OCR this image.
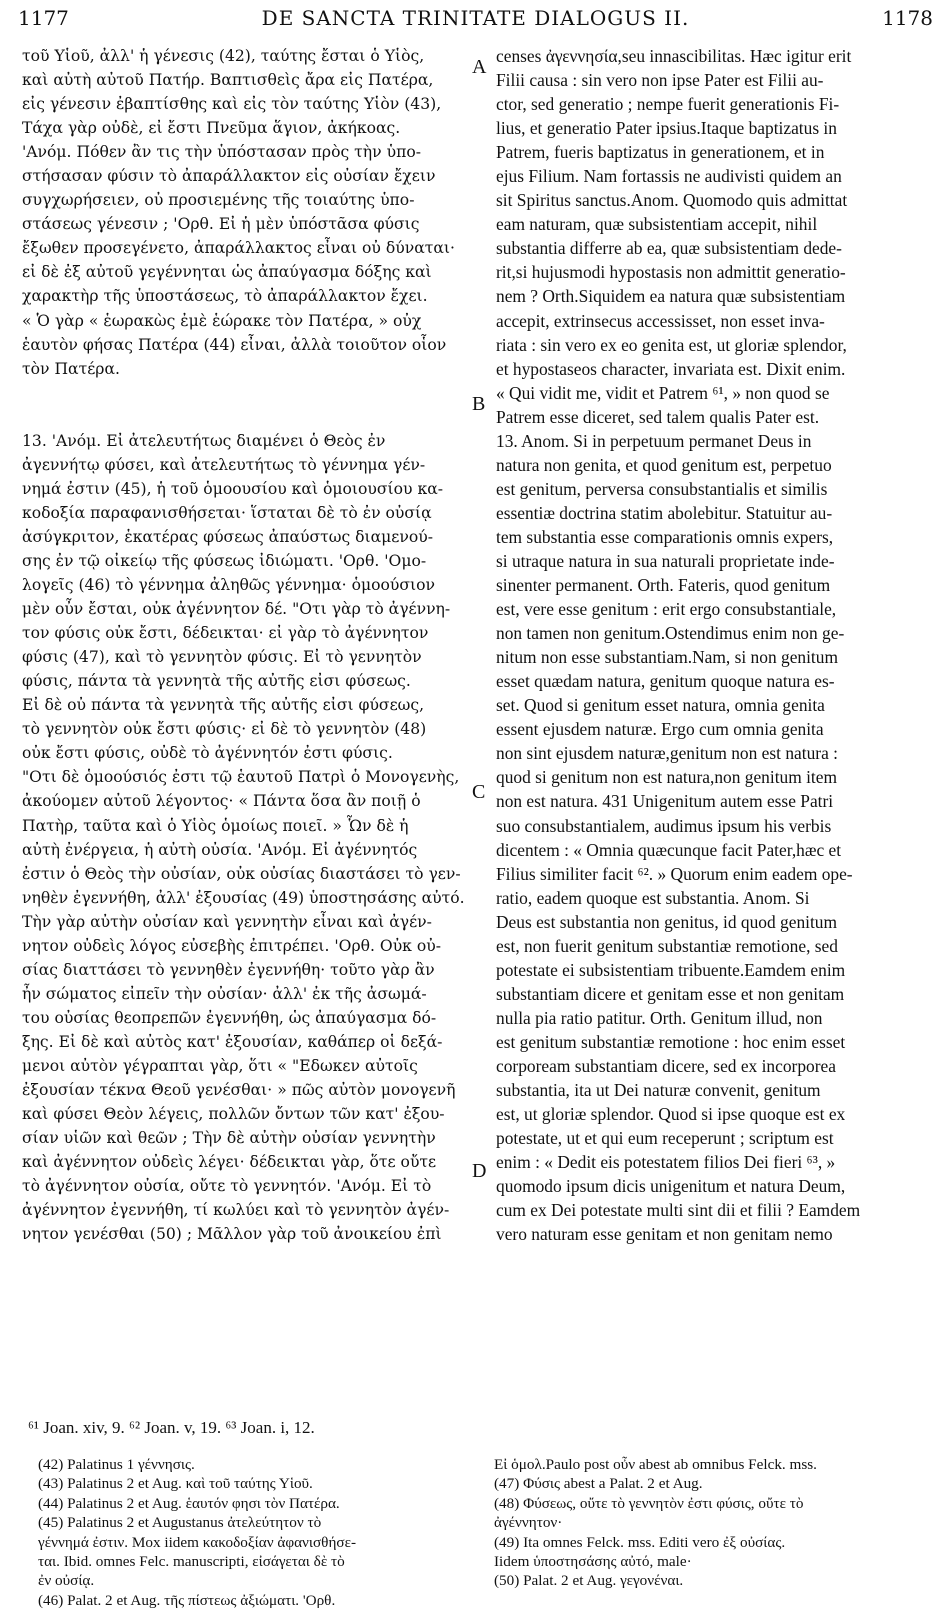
1177	DE SANCTA TRINITATE DIALOGUS II.	1178
τοῦ Υἱοῦ, ἀλλ' ἡ γένεσις (42), ταύτης ἔσται ὁ Υἱὸς,
καὶ αὐτὴ αὐτοῦ Πατήρ. Βαπτισθεὶς ἄρα εἰς Πατέρα,
εἰς γένεσιν ἐβαπτίσθης καὶ εἰς τὸν ταύτης Υἱὸν (43),
Τάχα γὰρ οὐδὲ, εἰ ἔστι Πνεῦμα ἅγιον, ἀκήκοας.
'Ανόμ. Πόθεν ἂν τις τὴν ὑπόστασαν πρὸς τὴν ὑπο-
στήσασαν φύσιν τὸ ἀπαράλλακτον εἰς οὐσίαν ἔχειν
συγχωρήσειεν, οὐ προσιεμένης τῆς τοιαύτης ὑπο-
στάσεως γένεσιν ; 'Ορθ. Εἰ ἡ μὲν ὑπόστᾶσα φύσις
ἔξωθεν προσεγένετο, ἀπαράλλακτος εἶναι οὐ δύναται·
εἰ δὲ ἐξ αὐτοῦ γεγέννηται ὡς ἀπαύγασμα δόξης καὶ
χαρακτὴρ τῆς ὑποστάσεως, τὸ ἀπαράλλακτον ἔχει.
« Ὁ γὰρ « ἑωρακὼς ἐμὲ ἑώρακε τὸν Πατέρα, » οὐχ
ἑαυτὸν φήσας Πατέρα (44) εἶναι, ἀλλὰ τοιοῦτον οἷον
τὸν Πατέρα.

13. 'Ανόμ. Εἰ ἀτελευτήτως διαμένει ὁ Θεὸς ἐν
ἀγεννήτῳ φύσει, καὶ ἀτελευτήτως τὸ γέννημα γέν-
νημά ἐστιν (45), ἡ τοῦ ὁμοουσίου καὶ ὁμοιουσίου κα-
κοδοξία παραφανισθήσεται· ἵσταται δὲ τὸ ἐν οὐσίᾳ
ἀσύγκριτον, ἑκατέρας φύσεως ἀπαύστως διαμενού-
σης ἐν τῷ οἰκείῳ τῆς φύσεως ἰδιώματι. 'Ορθ. 'Ομο-
λογεῖς (46) τὸ γέννημα ἀληθῶς γέννημα· ὁμοούσιον
μὲν οὖν ἔσται, οὐκ ἀγέννητον δέ. "Οτι γὰρ τὸ ἀγέννη-
τον φύσις οὐκ ἔστι, δέδεικται· εἰ γὰρ τὸ ἀγέννητον
φύσις (47), καὶ τὸ γεννητὸν φύσις. Εἰ τὸ γεννητὸν
φύσις, πάντα τὰ γεννητὰ τῆς αὐτῆς εἰσι φύσεως.
Εἰ δὲ οὐ πάντα τὰ γεννητὰ τῆς αὐτῆς εἰσι φύσεως,
τὸ γεννητὸν οὐκ ἔστι φύσις· εἰ δὲ τὸ γεννητὸν (48)
οὐκ ἔστι φύσις, οὐδὲ τὸ ἀγέννητόν ἐστι φύσις.
"Οτι δὲ ὁμοούσιός ἐστι τῷ ἑαυτοῦ Πατρὶ ὁ Μονογενὴς,
ἀκούομεν αὐτοῦ λέγοντος· « Πάντα ὅσα ἂν ποιῇ ὁ
Πατὴρ, ταῦτα καὶ ὁ Υἱὸς ὁμοίως ποιεῖ. » Ὧν δὲ ἡ
αὐτὴ ἐνέργεια, ἡ αὐτὴ οὐσία. 'Ανόμ. Εἰ ἀγέννητός
ἐστιν ὁ Θεὸς τὴν οὐσίαν, οὐκ οὐσίας διαστάσει τὸ γεν-
νηθὲν ἐγεννήθη, ἀλλ' ἐξουσίας (49) ὑποστησάσης αὐτό.
Τὴν γὰρ αὐτὴν οὐσίαν καὶ γεννητὴν εἶναι καὶ ἀγέν-
νητον οὐδεὶς λόγος εὐσεβὴς ἐπιτρέπει. 'Ορθ. Οὐκ οὐ-
σίας διαττάσει τὸ γεννηθὲν ἐγεννήθη· τοῦτο γὰρ ἂν
ἦν σώματος εἰπεῖν τὴν οὐσίαν· ἀλλ' ἐκ τῆς ἀσωμά-
του οὐσίας θεοπρεπῶν ἐγεννήθη, ὡς ἀπαύγασμα δό-
ξης. Εἰ δὲ καὶ αὐτὸς κατ' ἐξουσίαν, καθάπερ οἱ δεξά-
μενοι αὐτὸν γέγραπται γὰρ, ὅτι « "Εδωκεν αὐτοῖς
ἐξουσίαν τέκνα Θεοῦ γενέσθαι· » πῶς αὐτὸν μονογενῆ
καὶ φύσει Θεὸν λέγεις, πολλῶν ὄντων τῶν κατ' ἐξου-
σίαν υἱῶν καὶ θεῶν ; Τὴν δὲ αὐτὴν οὐσίαν γεννητὴν
καὶ ἀγέννητον οὐδεὶς λέγει· δέδεικται γὰρ, ὅτε οὔτε
τὸ ἀγέννητον οὐσία, οὔτε τὸ γεννητόν. 'Ανόμ. Εἰ τὸ
ἀγέννητον ἐγεννήθη, τί κωλύει καὶ τὸ γεννητὸν ἀγέν-
νητον γενέσθαι (50) ; Μᾶλλον γὰρ τοῦ ἀνοικείου ἐπὶ
censes ἀγεννησία,seu innascibilitas. Hæc igitur erit
Filii causa : sin vero non ipse Pater est Filii au-
ctor, sed generatio ; nempe fuerit generationis Fi-
lius, et generatio Pater ipsius.Itaque baptizatus in
Patrem, fueris baptizatus in generationem, et in
ejus Filium. Nam fortassis ne audivisti quidem an
sit Spiritus sanctus.Anom. Quomodo quis admittat
eam naturam, quæ subsistentiam accepit, nihil
substantia differre ab ea, quæ subsistentiam dede-
rit,si hujusmodi hypostasis non admittit generatio-
nem ? Orth.Siquidem ea natura quæ subsistentiam
accepit, extrinsecus accessisset, non esset inva-
riata : sin vero ex eo genita est, ut gloriæ splendor,
et hypostaseos character, invariata est. Dixit enim.
« Qui vidit me, vidit et Patrem ⁶¹, » non quod se
Patrem esse diceret, sed talem qualis Pater est.
13. Anom. Si in perpetuum permanet Deus in
natura non genita, et quod genitum est, perpetuo
est genitum, perversa consubstantialis et similis
essentiæ doctrina statim abolebitur. Statuitur au-
tem substantia esse comparationis omnis expers,
si utraque natura in sua naturali proprietate inde-
sinenter permanent. Orth. Fateris, quod genitum
est, vere esse genitum : erit ergo consubstantiale,
non tamen non genitum.Ostendimus enim non ge-
nitum non esse substantiam.Nam, si non genitum
esset quædam natura, genitum quoque natura es-
set. Quod si genitum esset natura, omnia genita
essent ejusdem naturæ. Ergo cum omnia genita
non sint ejusdem naturæ,genitum non est natura :
quod si genitum non est natura,non genitum item
non est natura. 431 Unigenitum autem esse Patri
suo consubstantialem, audimus ipsum his verbis
dicentem : « Omnia quæcunque facit Pater,hæc et
Filius similiter facit ⁶². » Quorum enim eadem ope-
ratio, eadem quoque est substantia. Anom. Si
Deus est substantia non genitus, id quod genitum
est, non fuerit genitum substantiæ remotione, sed
potestate ei subsistentiam tribuente.Eamdem enim
substantiam dicere et genitam esse et non genitam
nulla pia ratio patitur. Orth. Genitum illud, non
est genitum substantiæ remotione : hoc enim esset
corpoream substantiam dicere, sed ex incorporea
substantia, ita ut Dei naturæ convenit, genitum
est, ut gloriæ splendor. Quod si ipse quoque est ex
potestate, ut et qui eum receperunt ; scriptum est
enim : « Dedit eis potestatem filios Dei fieri ⁶³, »
quomodo ipsum dicis unigenitum et natura Deum,
cum ex Dei potestate multi sint dii et filii ? Eamdem
vero naturam esse genitam et non genitam nemo
A
B
C
D
⁶¹ Joan. xiv, 9. ⁶² Joan. v, 19. ⁶³ Joan. i, 12.
(42) Palatinus 1 γέννησις.
(43) Palatinus 2 et Aug. καὶ τοῦ ταύτης Υἱοῦ.
(44) Palatinus 2 et Aug. ἑαυτόν φησι τὸν Πατέρα.
(45) Palatinus 2 et Augustanus ἀτελεύτητον τὸ
γέννημά ἐστιν. Mox iidem κακοδοξίαν ἀφανισθήσε-
ται. Ibid. omnes Felc. manuscripti, εἰσάγεται δὲ τὸ
ἐν οὐσίᾳ.
(46) Palat. 2 et Aug. τῆς πίστεως ἀξιώματι. 'Ορθ.
Εἰ ὁμολ.Paulo post οὖν abest ab omnibus Felck. mss.
(47) Φύσις abest a Palat. 2 et Aug.
(48) Φύσεως, οὔτε τὸ γεννητὸν ἐστι φύσις, οὔτε τὸ
ἀγέννητον·
(49) Ita omnes Felck. mss. Editi vero ἐξ οὐσίας.
Iidem ὑποστησάσης αὐτό, male·
(50) Palat. 2 et Aug. γεγονέναι.
